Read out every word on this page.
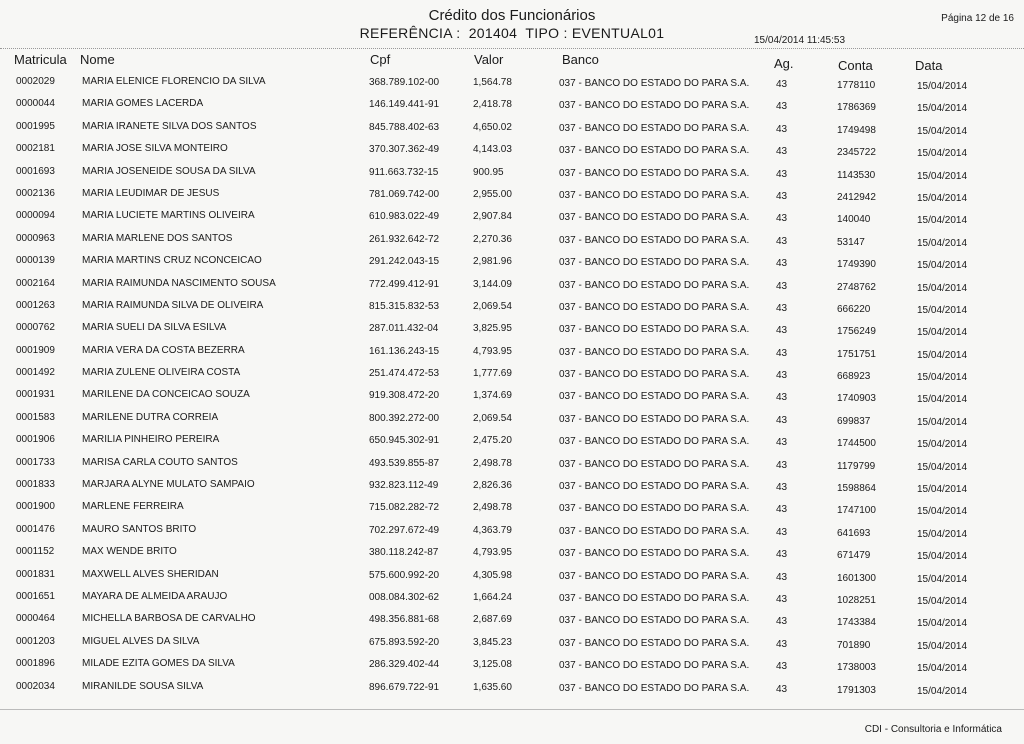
Crédito dos Funcionários
REFERÊNCIA : 201404 TIPO : EVENTUAL01
Página 12 de 16
15/04/2014 11:45:53
Matricula Nome	Cpf	Valor	Banco	Ag.	Conta	Data
0002029	MARIA ELENICE FLORENCIO DA SILVA	368.789.102-00	1,564.78	037 - BANCO DO ESTADO DO PARA S.A.	43	1778110	15/04/2014
0000044	MARIA GOMES LACERDA	146.149.441-91	2,418.78	037 - BANCO DO ESTADO DO PARA S.A.	43	1786369	15/04/2014
0001995	MARIA IRANETE SILVA DOS SANTOS	845.788.402-63	4,650.02	037 - BANCO DO ESTADO DO PARA S.A.	43	1749498	15/04/2014
0002181	MARIA JOSE SILVA MONTEIRO	370.307.362-49	4,143.03	037 - BANCO DO ESTADO DO PARA S.A.	43	2345722	15/04/2014
0001693	MARIA JOSENEIDE SOUSA DA SILVA	911.663.732-15	900.95	037 - BANCO DO ESTADO DO PARA S.A.	43	1143530	15/04/2014
0002136	MARIA LEUDIMAR DE JESUS	781.069.742-00	2,955.00	037 - BANCO DO ESTADO DO PARA S.A.	43	2412942	15/04/2014
0000094	MARIA LUCIETE MARTINS OLIVEIRA	610.983.022-49	2,907.84	037 - BANCO DO ESTADO DO PARA S.A.	43	140040	15/04/2014
0000963	MARIA MARLENE DOS SANTOS	261.932.642-72	2,270.36	037 - BANCO DO ESTADO DO PARA S.A.	43	53147	15/04/2014
0000139	MARIA MARTINS CRUZ NCONCEICAO	291.242.043-15	2,981.96	037 - BANCO DO ESTADO DO PARA S.A.	43	1749390	15/04/2014
0002164	MARIA RAIMUNDA NASCIMENTO SOUSA	772.499.412-91	3,144.09	037 - BANCO DO ESTADO DO PARA S.A.	43	2748762	15/04/2014
0001263	MARIA RAIMUNDA SILVA DE OLIVEIRA	815.315.832-53	2,069.54	037 - BANCO DO ESTADO DO PARA S.A.	43	666220	15/04/2014
0000762	MARIA SUELI DA SILVA ESILVA	287.011.432-04	3,825.95	037 - BANCO DO ESTADO DO PARA S.A.	43	1756249	15/04/2014
0001909	MARIA VERA DA COSTA BEZERRA	161.136.243-15	4,793.95	037 - BANCO DO ESTADO DO PARA S.A.	43	1751751	15/04/2014
0001492	MARIA ZULENE OLIVEIRA COSTA	251.474.472-53	1,777.69	037 - BANCO DO ESTADO DO PARA S.A.	43	668923	15/04/2014
0001931	MARILENE DA CONCEICAO SOUZA	919.308.472-20	1,374.69	037 - BANCO DO ESTADO DO PARA S.A.	43	1740903	15/04/2014
0001583	MARILENE DUTRA CORREIA	800.392.272-00	2,069.54	037 - BANCO DO ESTADO DO PARA S.A.	43	699837	15/04/2014
0001906	MARILIA PINHEIRO PEREIRA	650.945.302-91	2,475.20	037 - BANCO DO ESTADO DO PARA S.A.	43	1744500	15/04/2014
0001733	MARISA CARLA COUTO SANTOS	493.539.855-87	2,498.78	037 - BANCO DO ESTADO DO PARA S.A.	43	1179799	15/04/2014
0001833	MARJARA ALYNE MULATO SAMPAIO	932.823.112-49	2,826.36	037 - BANCO DO ESTADO DO PARA S.A.	43	1598864	15/04/2014
0001900	MARLENE FERREIRA	715.082.282-72	2,498.78	037 - BANCO DO ESTADO DO PARA S.A.	43	1747100	15/04/2014
0001476	MAURO SANTOS BRITO	702.297.672-49	4,363.79	037 - BANCO DO ESTADO DO PARA S.A.	43	641693	15/04/2014
0001152	MAX WENDE BRITO	380.118.242-87	4,793.95	037 - BANCO DO ESTADO DO PARA S.A.	43	671479	15/04/2014
0001831	MAXWELL ALVES SHERIDAN	575.600.992-20	4,305.98	037 - BANCO DO ESTADO DO PARA S.A.	43	1601300	15/04/2014
0001651	MAYARA DE ALMEIDA ARAUJO	008.084.302-62	1,664.24	037 - BANCO DO ESTADO DO PARA S.A.	43	1028251	15/04/2014
0000464	MICHELLA BARBOSA DE CARVALHO	498.356.881-68	2,687.69	037 - BANCO DO ESTADO DO PARA S.A.	43	1743384	15/04/2014
0001203	MIGUEL ALVES DA SILVA	675.893.592-20	3,845.23	037 - BANCO DO ESTADO DO PARA S.A.	43	701890	15/04/2014
0001896	MILADE EZITA GOMES DA SILVA	286.329.402-44	3,125.08	037 - BANCO DO ESTADO DO PARA S.A.	43	1738003	15/04/2014
0002034	MIRANILDE SOUSA SILVA	896.679.722-91	1,635.60	037 - BANCO DO ESTADO DO PARA S.A.	43	1791303	15/04/2014
CDI - Consultoria e Informática
